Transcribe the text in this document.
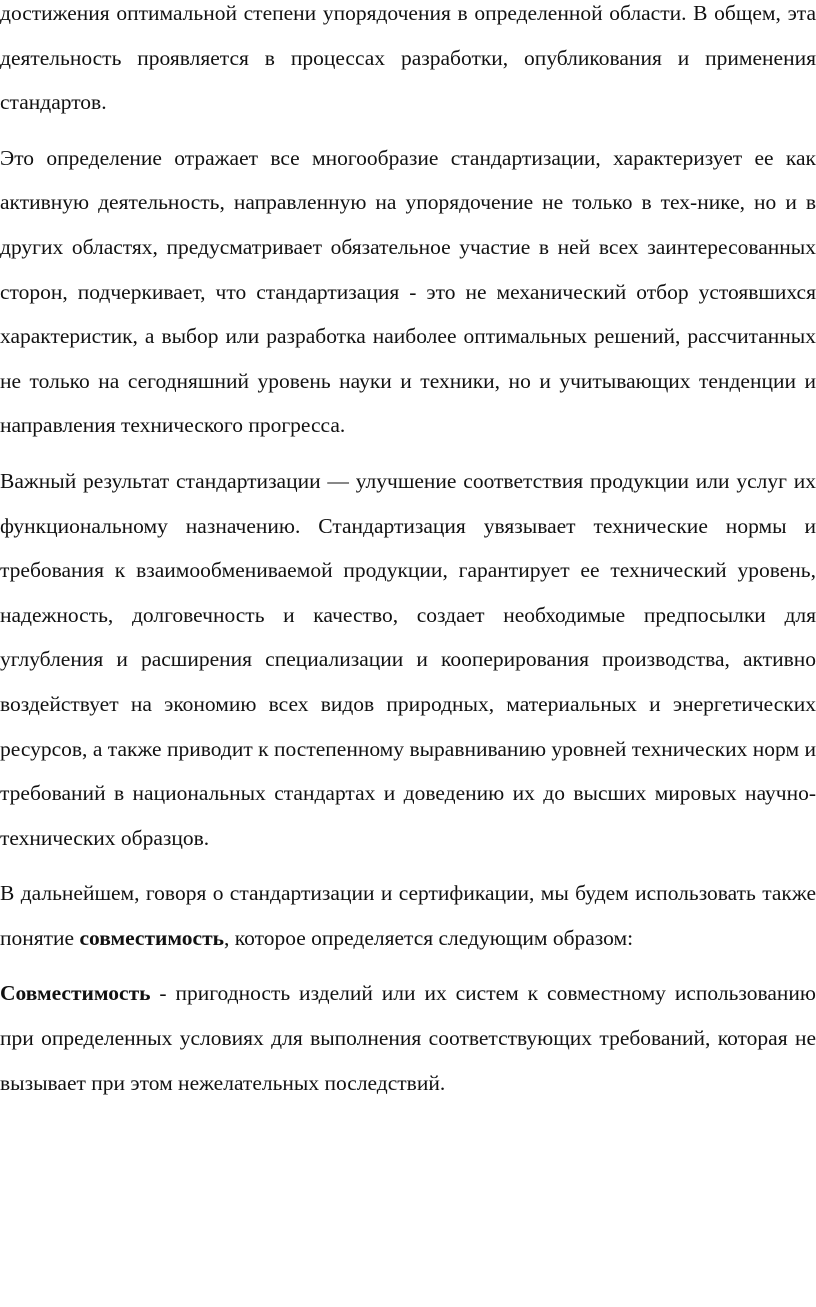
достижения оптимальной степени упорядочения в определенной области. В общем, эта деятельность проявляется в процессах разработки, опубликования и применения стандартов.

Это определение отражает все многообразие стандартизации, характеризует ее как активную деятельность, направленную на упорядочение не только в тех-нике, но и в других областях, предусматривает обязательное участие в ней всех заинтересованных сторон, подчеркивает, что стандартизация - это не механический отбор устоявшихся характеристик, а выбор или разработка наиболее оптимальных решений, рассчитанных не только на сегодняшний уровень науки и техники, но и учитывающих тенденции и направления технического прогресса.

Важный результат стандартизации — улучшение соответствия продукции или услуг их функциональному назначению. Стандартизация увязывает технические нормы и требования к взаимообмениваемой продукции, гарантирует ее технический уровень, надежность, долговечность и качество, создает необходимые предпосылки для углубления и расширения специализации и кооперирования производства, активно воздействует на экономию всех видов природных, материальных и энергетических ресурсов, а также приводит к постепенному выравниванию уровней технических норм и требований в национальных стандартах и доведению их до высших мировых научно-технических образцов.

В дальнейшем, говоря о стандартизации и сертификации, мы будем использовать также понятие совместимость, которое определяется следующим образом:

Совместимость - пригодность изделий или их систем к совместному использованию при определенных условиях для выполнения соответствующих требований, которая не вызывает при этом нежелательных последствий.
